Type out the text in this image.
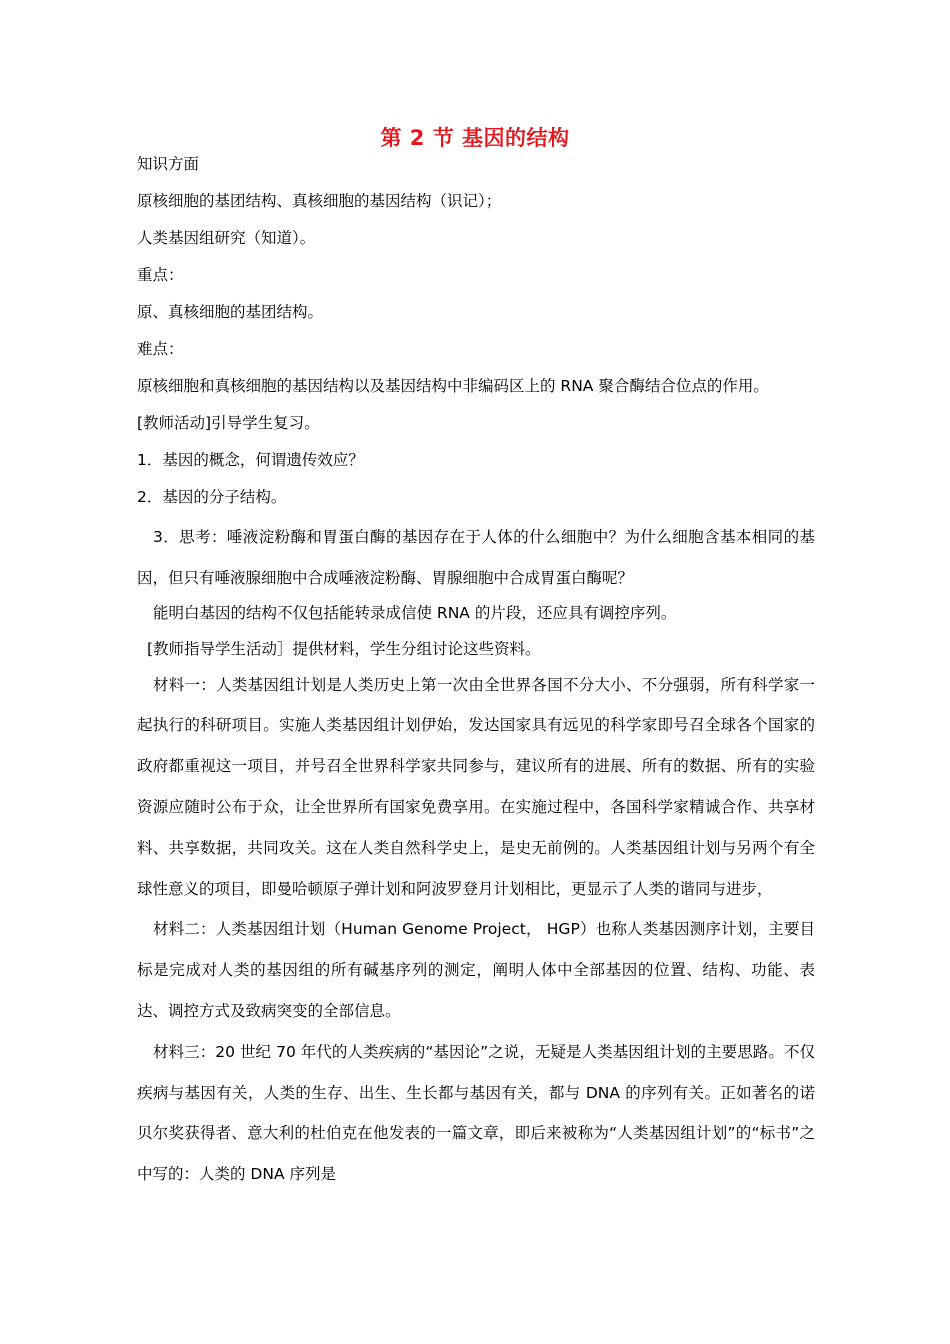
第 2 节 基因的结构
知识方面
原核细胞的基团结构、真核细胞的基因结构（识记）；
人类基因组研究（知道）。
重点：
原、真核细胞的基团结构。
难点：
原核细胞和真核细胞的基因结构以及基因结构中非编码区上的 RNA 聚合酶结合位点的作用。
[教师活动]引导学生复习。
1．基因的概念，何谓遗传效应？
2．基因的分子结构。
3．思考：唾液淀粉酶和胃蛋白酶的基因存在于人体的什么细胞中？为什么细胞含基本相同的基因，但只有唾液腺细胞中合成唾液淀粉酶、胃腺细胞中合成胃蛋白酶呢？
能明白基因的结构不仅包括能转录成信使 RNA 的片段，还应具有调控序列。
[教师指导学生活动］提供材料，学生分组讨论这些资料。
材料一：人类基因组计划是人类历史上第一次由全世界各国不分大小、不分强弱，所有科学家一起执行的科研项目。实施人类基因组计划伊始，发达国家具有远见的科学家即号召全球各个国家的政府都重视这一项目，并号召全世界科学家共同参与，建议所有的进展、所有的数据、所有的实验资源应随时公布于众，让全世界所有国家免费享用。在实施过程中，各国科学家精诚合作、共享材料、共享数据，共同攻关。这在人类自然科学史上，是史无前例的。人类基因组计划与另两个有全球性意义的项目，即曼哈顿原子弹计划和阿波罗登月计划相比，更显示了人类的谐同与进步，
材料二：人类基因组计划（Human Genome Project， HGP）也称人类基因测序计划，主要目标是完成对人类的基因组的所有碱基序列的测定，阐明人体中全部基因的位置、结构、功能、表达、调控方式及致病突变的全部信息。
材料三：20 世纪 70 年代的人类疾病的“基因论”之说，无疑是人类基因组计划的主要思路。不仅疾病与基因有关，人类的生存、出生、生长都与基因有关，都与 DNA 的序列有关。正如著名的诺贝尔奖获得者、意大利的杜伯克在他发表的一篇文章，即后来被称为“人类基因组计划”的“标书”之中写的：人类的 DNA 序列是
